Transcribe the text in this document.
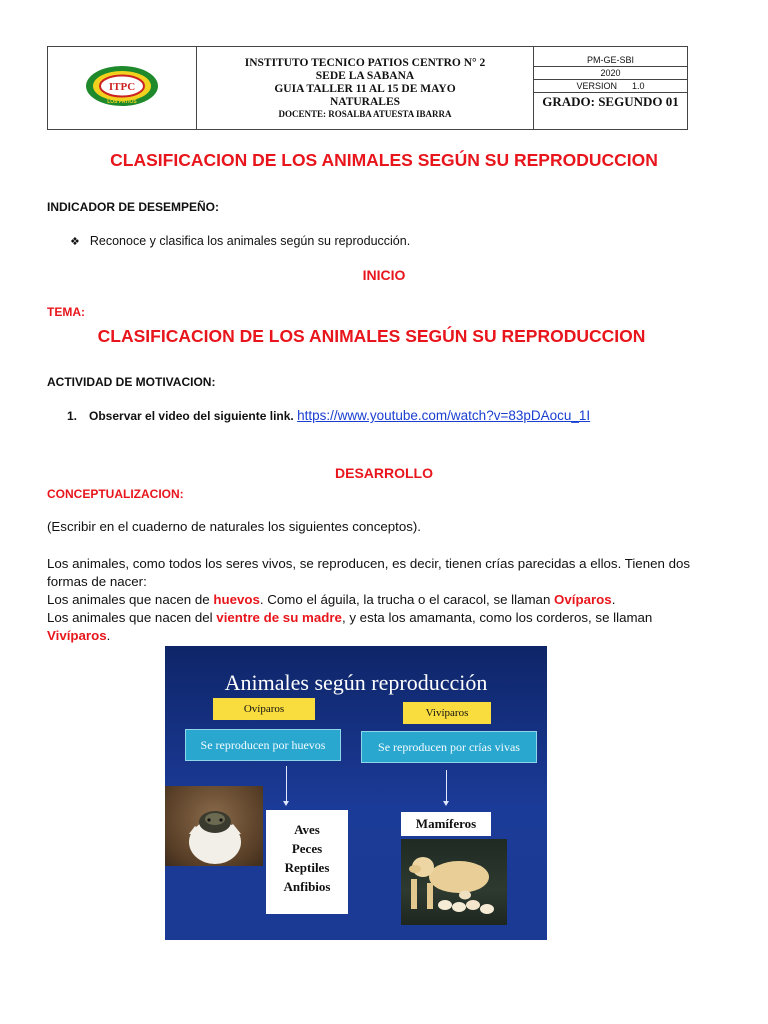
ITPC
LOS PATIOS

INSTITUTO TECNICO PATIOS CENTRO N° 2
SEDE LA SABANA
GUIA TALLER 11 AL 15 DE MAYO
NATURALES
DOCENTE: ROSALBA ATUESTA IBARRA

PM-GE-SBI
2020
VERSION      1.0
GRADO: SEGUNDO 01
CLASIFICACION DE LOS ANIMALES SEGÚN SU REPRODUCCION
INDICADOR DE DESEMPEÑO:
❖ Reconoce y clasifica los animales según su reproducción.
INICIO
TEMA:
CLASIFICACION DE LOS ANIMALES SEGÚN SU REPRODUCCION
ACTIVIDAD DE MOTIVACION:
1. Observar el video del siguiente link. https://www.youtube.com/watch?v=83pDAocu_1I
DESARROLLO
CONCEPTUALIZACION:
(Escribir en el cuaderno de naturales los siguientes conceptos).
Los animales, como todos los seres vivos, se reproducen, es decir, tienen crías parecidas a ellos. Tienen dos formas de nacer:
Los animales que nacen de huevos. Como el águila, la trucha o el caracol, se llaman Ovíparos.
Los animales que nacen del vientre de su madre, y esta los amamanta, como los corderos, se llaman Vivíparos.
Animales según reproducción
Ovíparos	Vivíparos
Se reproducen por huevos	Se reproducen por crías vivas
Aves
Peces
Reptiles
Anfibios
Mamíferos
